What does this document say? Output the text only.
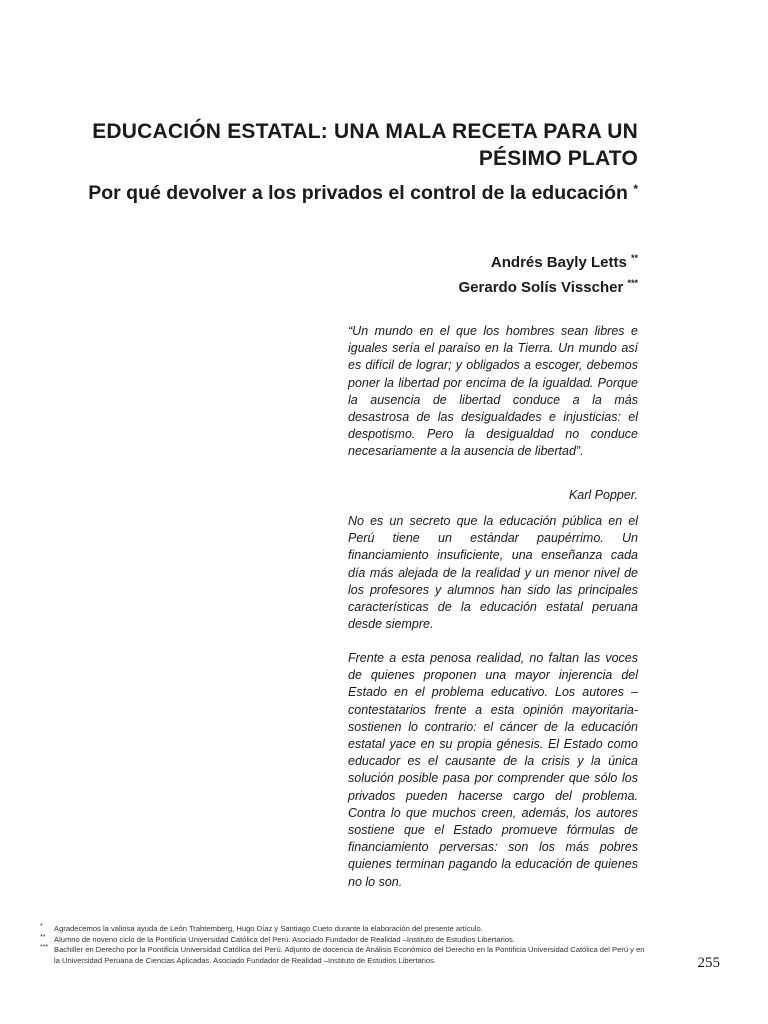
EDUCACIÓN ESTATAL: UNA MALA RECETA PARA UN PÉSIMO PLATO
Por qué devolver a los privados el control de la educación *
Andrés Bayly Letts **
Gerardo Solís Visscher ***
“Un mundo en el que los hombres sean libres e iguales sería el paraíso en la Tierra. Un mundo así es difícil de lograr; y obligados a escoger, debemos poner la libertad por encima de la igualdad. Porque la ausencia de libertad conduce a la más desastrosa de las desigualdades e injusticias: el despotismo. Pero la desigualdad no conduce necesariamente a la ausencia de libertad”.
Karl Popper.

No es un secreto que la educación pública en el Perú tiene un estándar paupérrimo. Un financiamiento insuficiente, una enseñanza cada día más alejada de la realidad y un menor nivel de los profesores y alumnos han sido las principales características de la educación estatal peruana desde siempre.

Frente a esta penosa realidad, no faltan las voces de quienes proponen una mayor injerencia del Estado en el problema educativo. Los autores –contestatarios frente a esta opinión mayoritaria- sostienen lo contrario: el cáncer de la educación estatal yace en su propia génesis. El Estado como educador es el causante de la crisis y la única solución posible pasa por comprender que sólo los privados pueden hacerse cargo del problema. Contra lo que muchos creen, además, los autores sostiene que el Estado promueve fórmulas de financiamiento perversas: son los más pobres quienes terminan pagando la educación de quienes no lo son.

* Agradecemos la valiosa ayuda de León Trahtemberg, Hugo Díaz y Santiago Cueto durante la elaboración del presente artículo.
** Alumno de noveno ciclo de la Pontificia Universidad Católica del Perú. Asociado Fundador de Realidad –Instituto de Estudios Libertarios.
*** Bachiller en Derecho por la Pontificia Universidad Católica del Perú. Adjunto de docencia de Análisis Económico del Derecho en la Pontificia Universidad Católica del Perú y en la Universidad Peruana de Ciencias Aplicadas. Asociado Fundador de Realidad –Instituto de Estudios Libertarios.	255
